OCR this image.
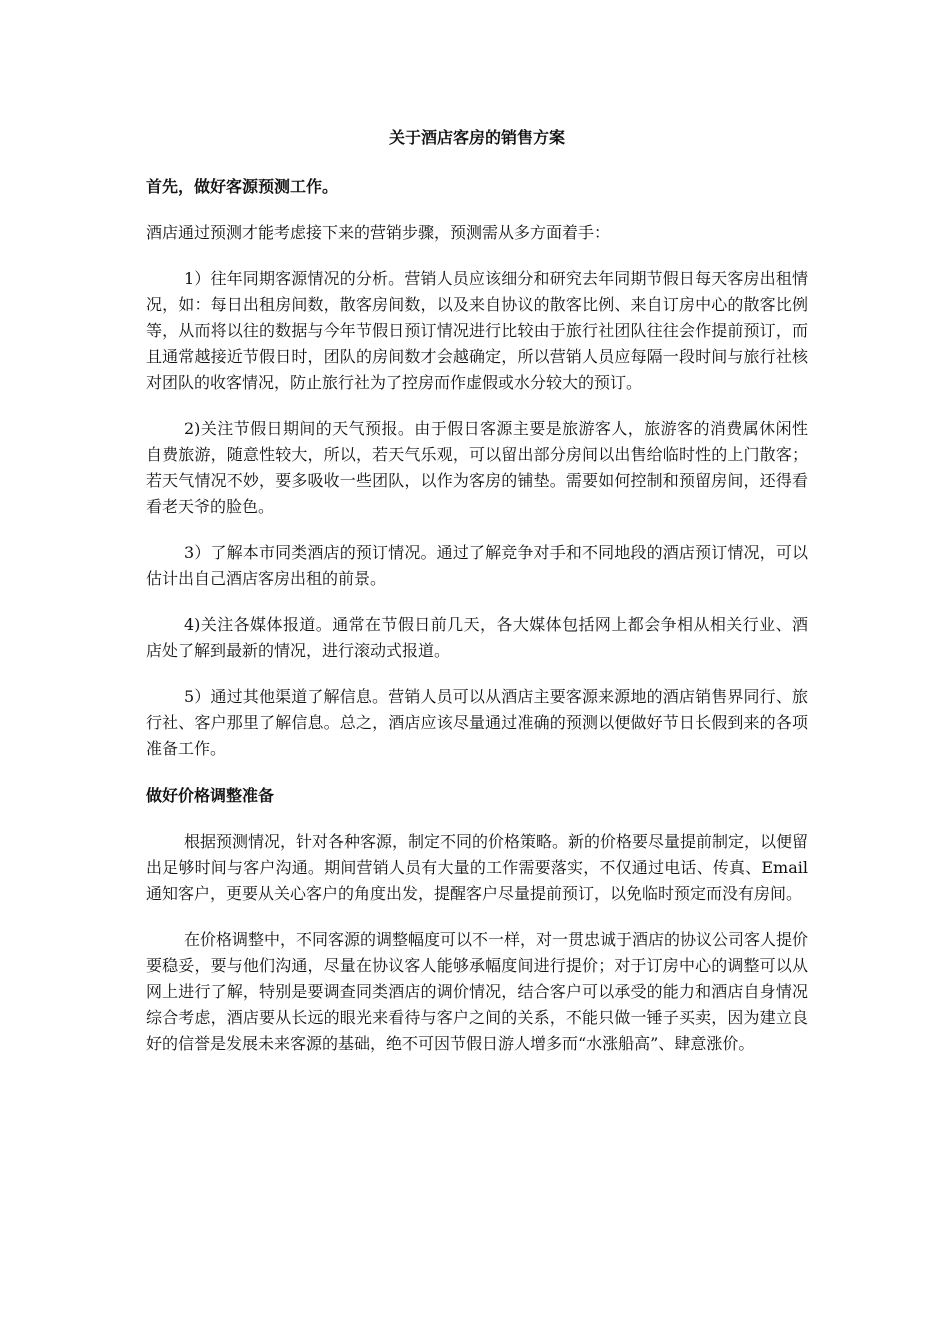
关于酒店客房的销售方案
首先，做好客源预测工作。

酒店通过预测才能考虑接下来的营销步骤，预测需从多方面着手：

1）往年同期客源情况的分析。营销人员应该细分和研究去年同期节假日每天客房出租情况，如：每日出租房间数，散客房间数，以及来自协议的散客比例、来自订房中心的散客比例等，从而将以往的数据与今年节假日预订情况进行比较由于旅行社团队往往会作提前预订，而且通常越接近节假日时，团队的房间数才会越确定，所以营销人员应每隔一段时间与旅行社核对团队的收客情况，防止旅行社为了控房而作虚假或水分较大的预订。

2)关注节假日期间的天气预报。由于假日客源主要是旅游客人，旅游客的消费属休闲性自费旅游，随意性较大，所以，若天气乐观，可以留出部分房间以出售给临时性的上门散客；若天气情况不妙，要多吸收一些团队，以作为客房的铺垫。需要如何控制和预留房间，还得看看老天爷的脸色。

3）了解本市同类酒店的预订情况。通过了解竞争对手和不同地段的酒店预订情况，可以估计出自己酒店客房出租的前景。

4)关注各媒体报道。通常在节假日前几天，各大媒体包括网上都会争相从相关行业、酒店处了解到最新的情况，进行滚动式报道。

5）通过其他渠道了解信息。营销人员可以从酒店主要客源来源地的酒店销售界同行、旅行社、客户那里了解信息。总之，酒店应该尽量通过准确的预测以便做好节日长假到来的各项准备工作。

做好价格调整准备

根据预测情况，针对各种客源，制定不同的价格策略。新的价格要尽量提前制定，以便留出足够时间与客户沟通。期间营销人员有大量的工作需要落实，不仅通过电话、传真、Email通知客户，更要从关心客户的角度出发，提醒客户尽量提前预订，以免临时预定而没有房间。

在价格调整中，不同客源的调整幅度可以不一样，对一贯忠诚于酒店的协议公司客人提价要稳妥，要与他们沟通，尽量在协议客人能够承幅度间进行提价；对于订房中心的调整可以从网上进行了解，特别是要调查同类酒店的调价情况，结合客户可以承受的能力和酒店自身情况综合考虑，酒店要从长远的眼光来看待与客户之间的关系，不能只做一锤子买卖，因为建立良好的信誉是发展未来客源的基础，绝不可因节假日游人增多而“水涨船高”、肆意涨价。
